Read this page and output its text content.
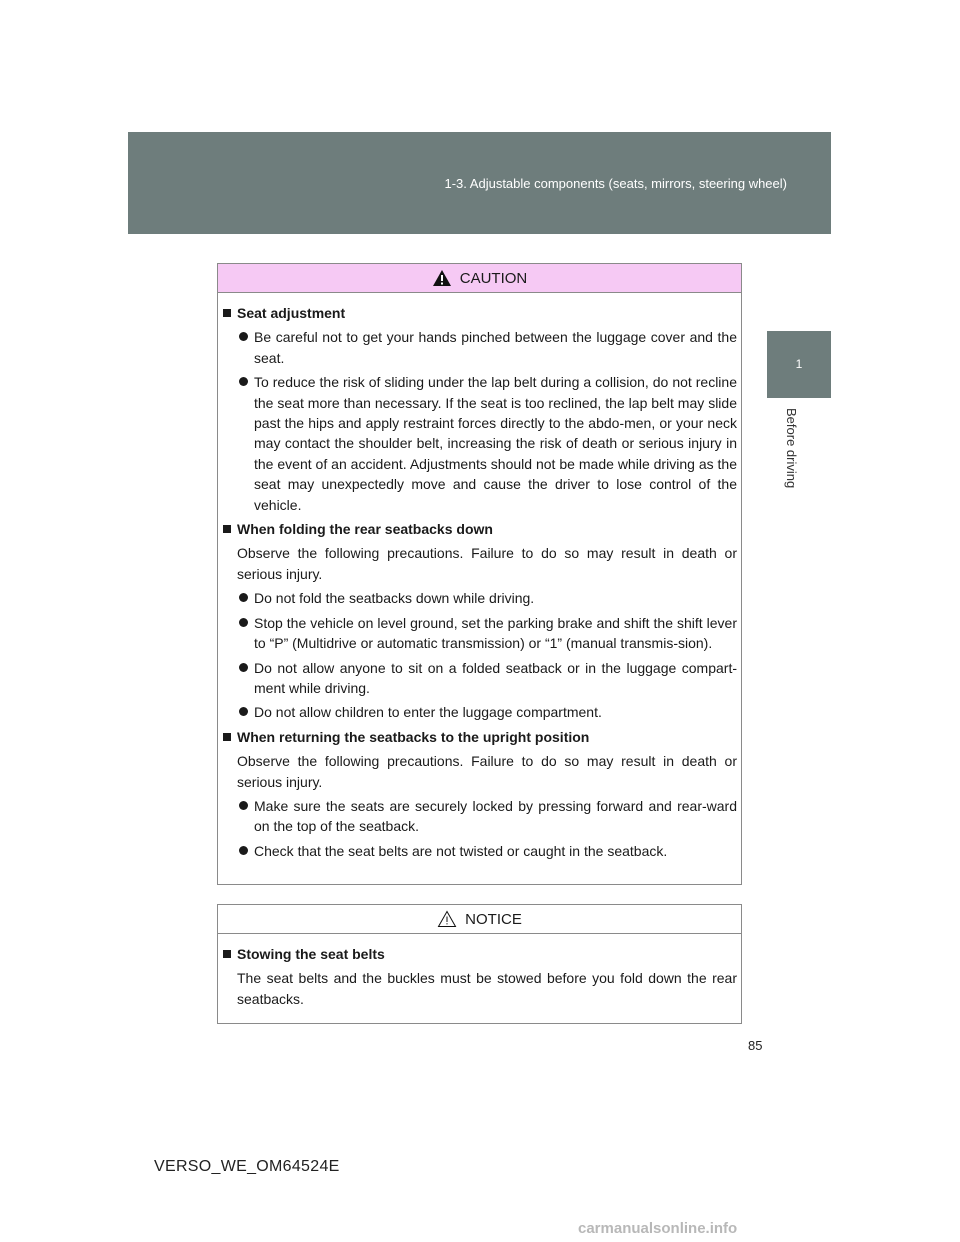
1-3. Adjustable components (seats, mirrors, steering wheel)
1
Before driving
CAUTION
Seat adjustment
Be careful not to get your hands pinched between the luggage cover and the seat.
To reduce the risk of sliding under the lap belt during a collision, do not recline the seat more than necessary. If the seat is too reclined, the lap belt may slide past the hips and apply restraint forces directly to the abdo-men, or your neck may contact the shoulder belt, increasing the risk of death or serious injury in the event of an accident. Adjustments should not be made while driving as the seat may unexpectedly move and cause the driver to lose control of the vehicle.
When folding the rear seatbacks down
Observe the following precautions. Failure to do so may result in death or serious injury.
Do not fold the seatbacks down while driving.
Stop the vehicle on level ground, set the parking brake and shift the shift lever to “P” (Multidrive or automatic transmission) or “1” (manual transmis-sion).
Do not allow anyone to sit on a folded seatback or in the luggage compart-ment while driving.
Do not allow children to enter the luggage compartment.
When returning the seatbacks to the upright position
Observe the following precautions. Failure to do so may result in death or serious injury.
Make sure the seats are securely locked by pressing forward and rear-ward on the top of the seatback.
Check that the seat belts are not twisted or caught in the seatback.
NOTICE
Stowing the seat belts
The seat belts and the buckles must be stowed before you fold down the rear seatbacks.
85
VERSO_WE_OM64524E
carmanualsonline.info
